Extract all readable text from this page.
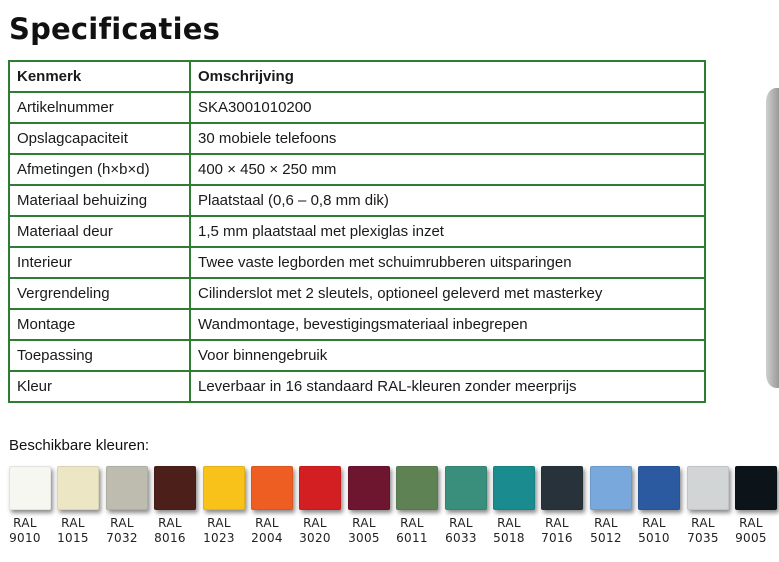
Specificaties
Kenmerk	Omschrijving
Artikelnummer	SKA3001010200
Opslagcapaciteit	30 mobiele telefoons
Afmetingen (h×b×d)	400 × 450 × 250 mm
Materiaal behuizing	Plaatstaal (0,6 – 0,8 mm dik)
Materiaal deur	1,5 mm plaatstaal met plexiglas inzet
Interieur	Twee vaste legborden met schuimrubberen uitsparingen
Vergrendeling	Cilinderslot met 2 sleutels, optioneel geleverd met masterkey
Montage	Wandmontage, bevestigingsmateriaal inbegrepen
Toepassing	Voor binnengebruik
Kleur	Leverbaar in 16 standaard RAL-kleuren zonder meerprijs
Beschikbare kleuren:
RAL
9010
RAL
1015
RAL
7032
RAL
8016
RAL
1023
RAL
2004
RAL
3020
RAL
3005
RAL
6011
RAL
6033
RAL
5018
RAL
7016
RAL
5012
RAL
5010
RAL
7035
RAL
9005
